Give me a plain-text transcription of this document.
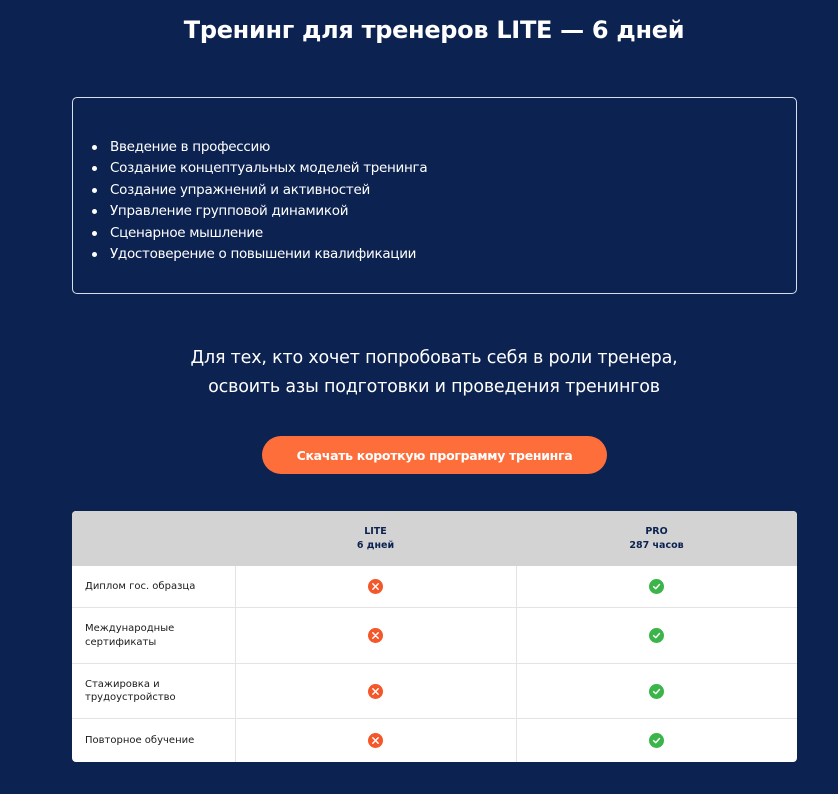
Тренинг для тренеров LITE — 6 дней
Введение в профессию
Создание концептуальных моделей тренинга
Создание упражнений и активностей
Управление групповой динамикой
Сценарное мышление
Удостоверение о повышении квалификации

Для тех, кто хочет попробовать себя в роли тренера,
освоить азы подготовки и проведения тренингов

Скачать короткую программу тренинга
LITE
6 дней
PRO
287 часов
Диплом гос. образца
Международные сертификаты
Стажировка и трудоустройство
Повторное обучение
